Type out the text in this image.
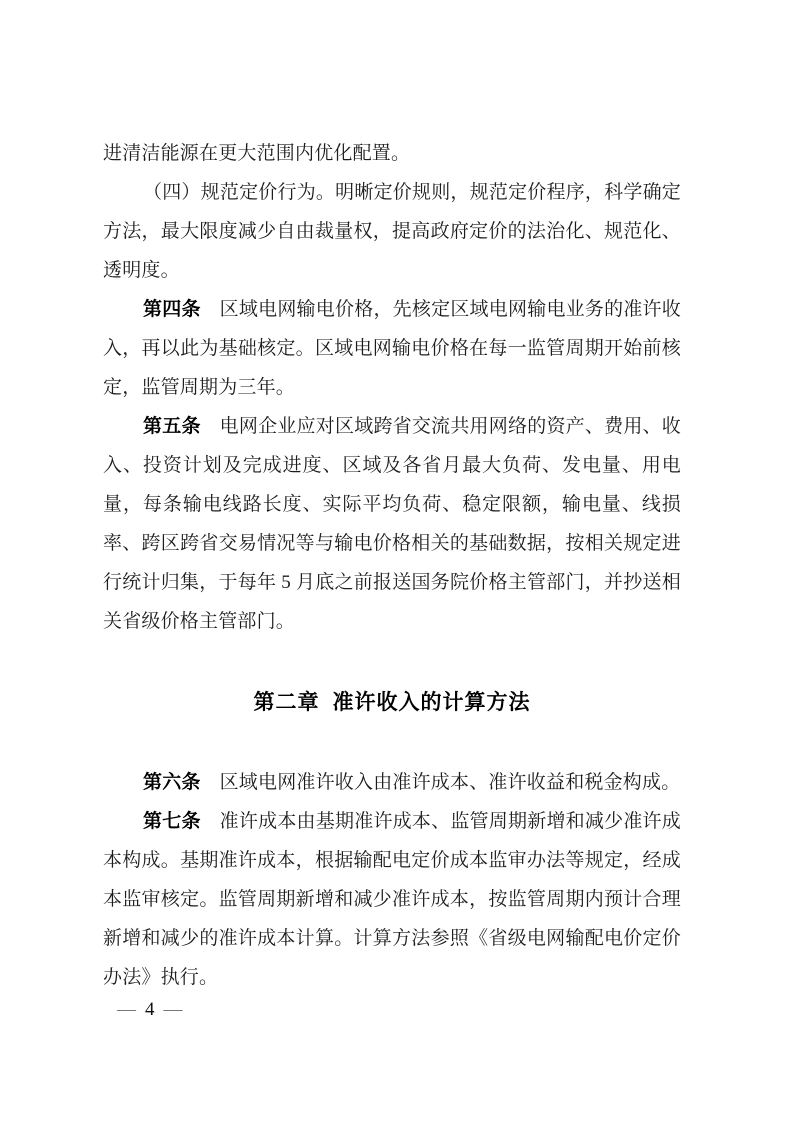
进清洁能源在更大范围内优化配置。

（四）规范定价行为。明晰定价规则，规范定价程序，科学确定方法，最大限度减少自由裁量权，提高政府定价的法治化、规范化、透明度。

第四条 区域电网输电价格，先核定区域电网输电业务的准许收入，再以此为基础核定。区域电网输电价格在每一监管周期开始前核定，监管周期为三年。

第五条 电网企业应对区域跨省交流共用网络的资产、费用、收入、投资计划及完成进度、区域及各省月最大负荷、发电量、用电量，每条输电线路长度、实际平均负荷、稳定限额，输电量、线损率、跨区跨省交易情况等与输电价格相关的基础数据，按相关规定进行统计归集，于每年 5 月底之前报送国务院价格主管部门，并抄送相关省级价格主管部门。

第二章 准许收入的计算方法

第六条 区域电网准许收入由准许成本、准许收益和税金构成。

第七条 准许成本由基期准许成本、监管周期新增和减少准许成本构成。基期准许成本，根据输配电定价成本监审办法等规定，经成本监审核定。监管周期新增和减少准许成本，按监管周期内预计合理新增和减少的准许成本计算。计算方法参照《省级电网输配电价定价办法》执行。

— 4 —
